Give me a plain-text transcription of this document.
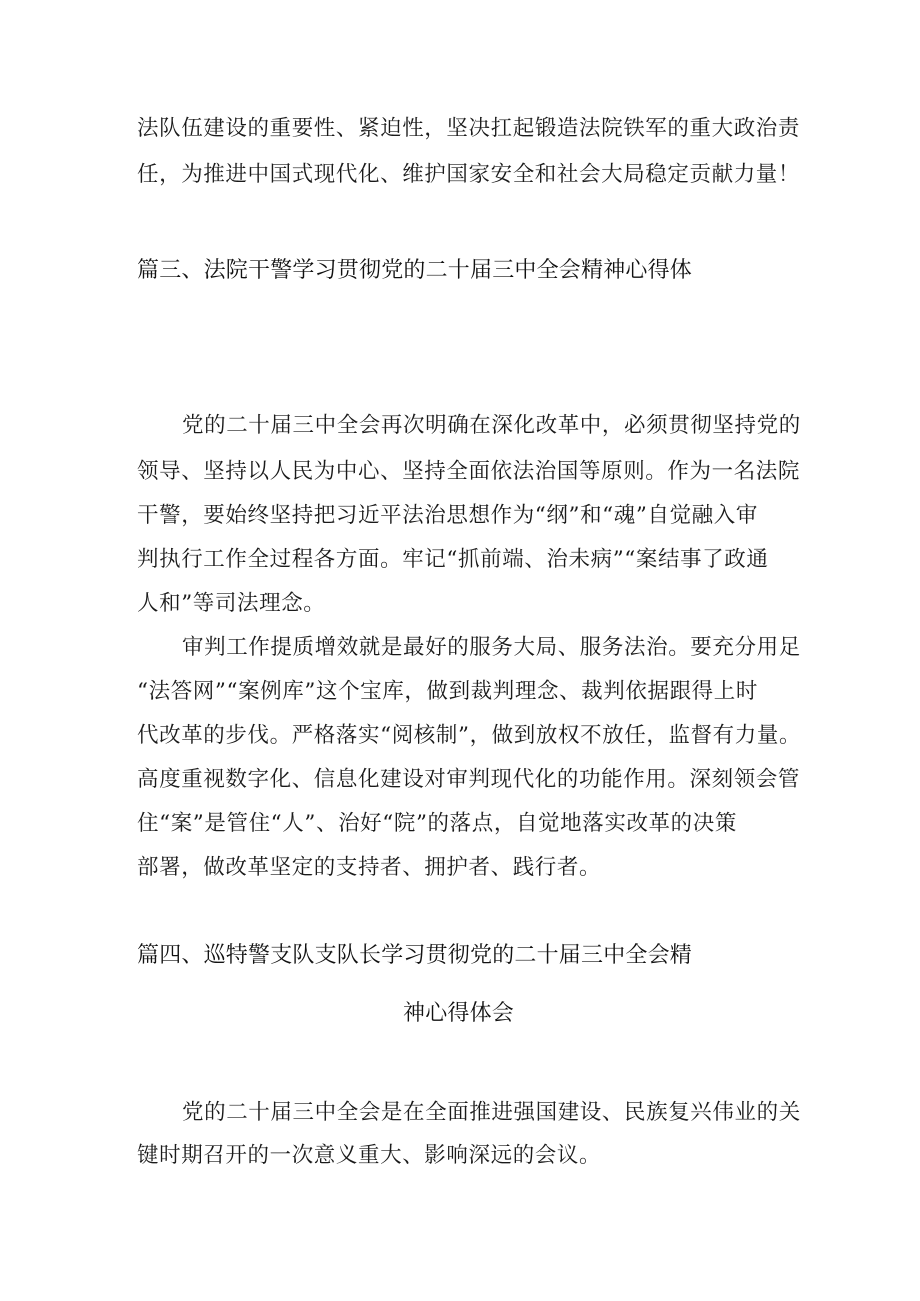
法队伍建设的重要性、紧迫性，坚决扛起锻造法院铁军的重大政治责
任，为推进中国式现代化、维护国家安全和社会大局稳定贡献力量！
篇三、法院干警学习贯彻党的二十届三中全会精神心得体
党的二十届三中全会再次明确在深化改革中，必须贯彻坚持党的
领导、坚持以人民为中心、坚持全面依法治国等原则。作为一名法院
干警，要始终坚持把习近平法治思想作为“纲”和“魂”自觉融入审
判执行工作全过程各方面。牢记“抓前端、治未病”“案结事了政通
人和”等司法理念。
审判工作提质增效就是最好的服务大局、服务法治。要充分用足
“法答网”“案例库”这个宝库，做到裁判理念、裁判依据跟得上时
代改革的步伐。严格落实“阅核制”，做到放权不放任，监督有力量。
高度重视数字化、信息化建设对审判现代化的功能作用。深刻领会管
住“案”是管住“人”、治好“院”的落点，自觉地落实改革的决策
部署，做改革坚定的支持者、拥护者、践行者。
篇四、巡特警支队支队长学习贯彻党的二十届三中全会精
神心得体会
党的二十届三中全会是在全面推进强国建设、民族复兴伟业的关
键时期召开的一次意义重大、影响深远的会议。
